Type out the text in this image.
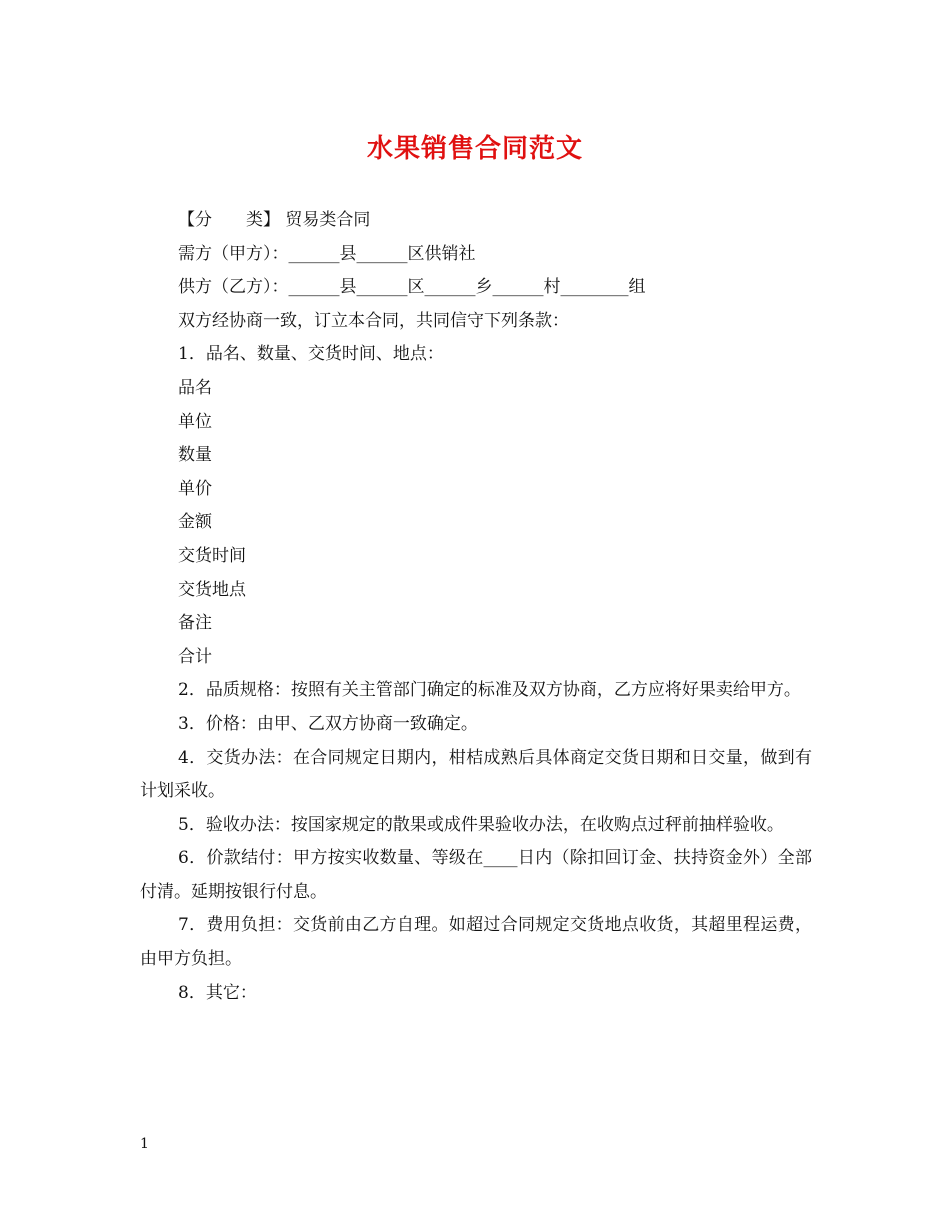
水果销售合同范文
【分　　类】 贸易类合同
需方（甲方）：______县______区供销社
供方（乙方）：______县______区______乡______村________组
双方经协商一致，订立本合同，共同信守下列条款：
1．品名、数量、交货时间、地点：
品名
单位
数量
单价
金额
交货时间
交货地点
备注
合计
2．品质规格：按照有关主管部门确定的标准及双方协商，乙方应将好果卖给甲方。
3．价格：由甲、乙双方协商一致确定。
4．交货办法：在合同规定日期内，柑桔成熟后具体商定交货日期和日交量，做到有计划采收。
5．验收办法：按国家规定的散果或成件果验收办法，在收购点过秤前抽样验收。
6．价款结付：甲方按实收数量、等级在____日内（除扣回订金、扶持资金外）全部付清。延期按银行付息。
7．费用负担：交货前由乙方自理。如超过合同规定交货地点收货，其超里程运费，由甲方负担。
8．其它：
1
